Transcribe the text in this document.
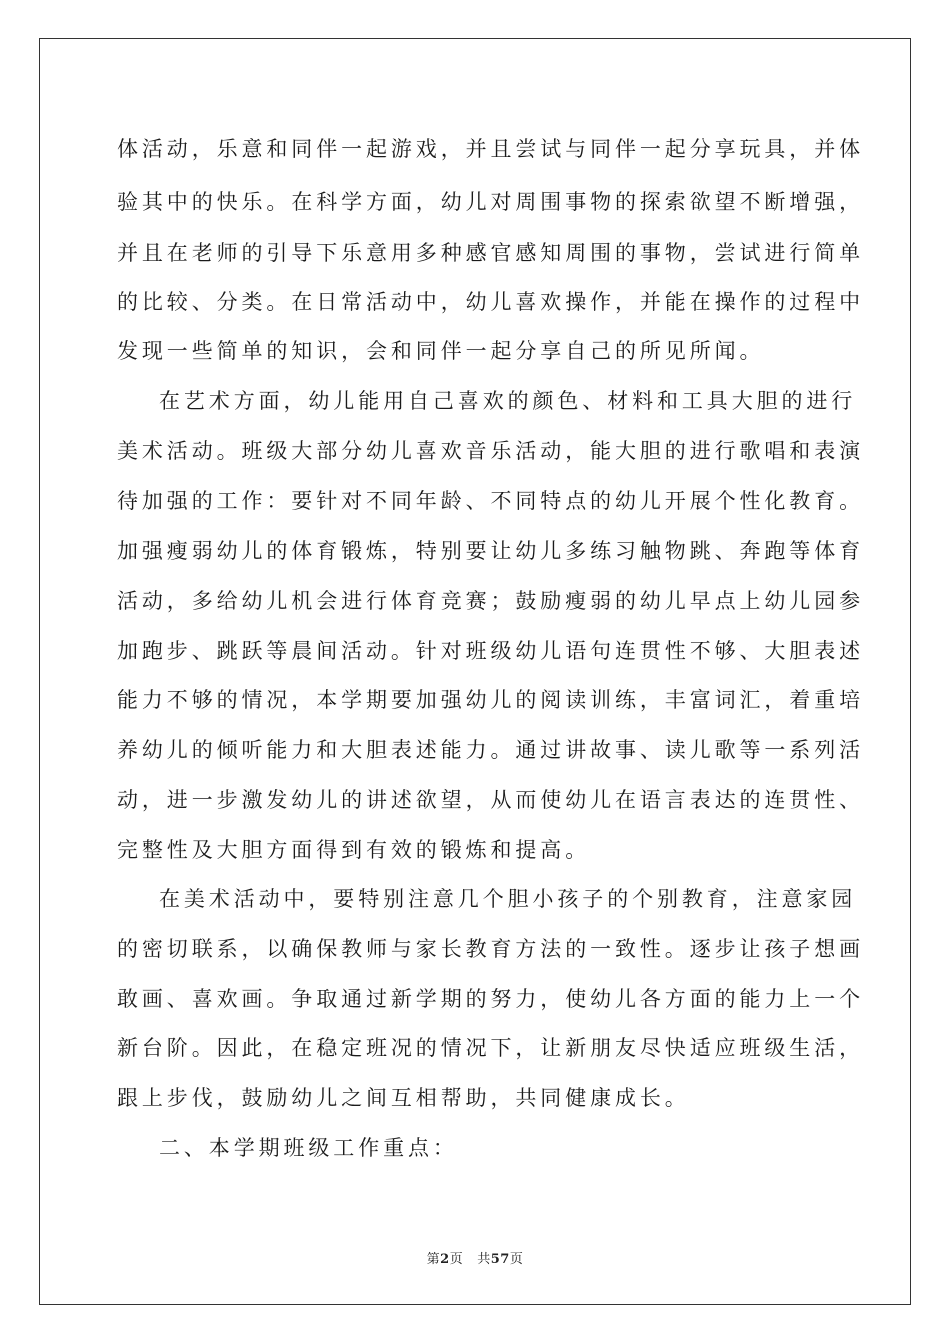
体活动，乐意和同伴一起游戏，并且尝试与同伴一起分享玩具，并体
验其中的快乐。在科学方面，幼儿对周围事物的探索欲望不断增强，
并且在老师的引导下乐意用多种感官感知周围的事物，尝试进行简单
的比较、分类。在日常活动中，幼儿喜欢操作，并能在操作的过程中
发现一些简单的知识，会和同伴一起分享自己的所见所闻。
在艺术方面，幼儿能用自己喜欢的颜色、材料和工具大胆的进行
美术活动。班级大部分幼儿喜欢音乐活动，能大胆的进行歌唱和表演
待加强的工作：要针对不同年龄、不同特点的幼儿开展个性化教育。
加强瘦弱幼儿的体育锻炼，特别要让幼儿多练习触物跳、奔跑等体育
活动，多给幼儿机会进行体育竞赛；鼓励瘦弱的幼儿早点上幼儿园参
加跑步、跳跃等晨间活动。针对班级幼儿语句连贯性不够、大胆表述
能力不够的情况，本学期要加强幼儿的阅读训练，丰富词汇，着重培
养幼儿的倾听能力和大胆表述能力。通过讲故事、读儿歌等一系列活
动，进一步激发幼儿的讲述欲望，从而使幼儿在语言表达的连贯性、
完整性及大胆方面得到有效的锻炼和提高。
在美术活动中，要特别注意几个胆小孩子的个别教育，注意家园
的密切联系，以确保教师与家长教育方法的一致性。逐步让孩子想画
敢画、喜欢画。争取通过新学期的努力，使幼儿各方面的能力上一个
新台阶。因此，在稳定班况的情况下，让新朋友尽快适应班级生活，
跟上步伐，鼓励幼儿之间互相帮助，共同健康成长。
二、本学期班级工作重点：
第2页 共57页
